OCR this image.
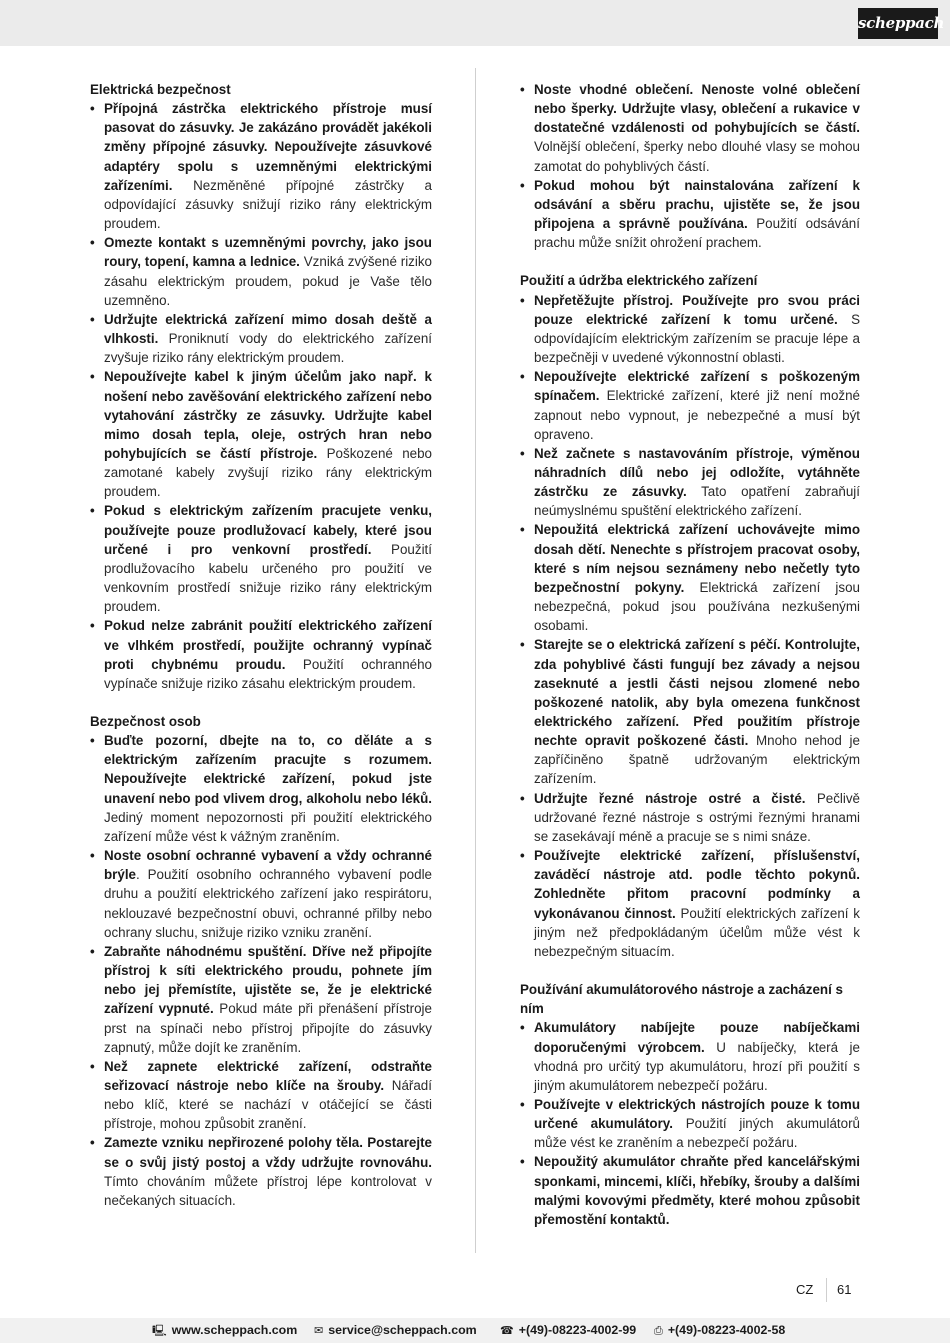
scheppach
Elektrická bezpečnost
• Přípojná zástrčka elektrického přístroje musí pasovat do zásuvky. Je zakázáno provádět jakékoli změny přípojné zásuvky. Nepoužívejte zásuvkové adaptéry spolu s uzemněnými elektrickými zařízeními. Nezměněné přípojné zástrčky a odpovídající zásuvky snižují riziko rány elektrickým proudem.
• Omezte kontakt s uzemněnými povrchy, jako jsou roury, topení, kamna a lednice. Vzniká zvýšené riziko zásahu elektrickým proudem, pokud je Vaše tělo uzemněno.
• Udržujte elektrická zařízení mimo dosah deště a vlhkosti. Proniknutí vody do elektrického zařízení zvyšuje riziko rány elektrickým proudem.
• Nepoužívejte kabel k jiným účelům jako např. k nošení nebo zavěšování elektrického zařízení nebo vytahování zástrčky ze zásuvky. Udržujte kabel mimo dosah tepla, oleje, ostrých hran nebo pohybujících se částí přístroje. Poškozené nebo zamotané kabely zvyšují riziko rány elektrickým proudem.
• Pokud s elektrickým zařízením pracujete venku, používejte pouze prodlužovací kabely, které jsou určené i pro venkovní prostředí. Použití prodlužovacího kabelu určeného pro použití ve venkovním prostředí snižuje riziko rány elektrickým proudem.
• Pokud nelze zabránit použití elektrického zařízení ve vlhkém prostředí, použijte ochranný vypínač proti chybnému proudu. Použití ochranného vypínače snižuje riziko zásahu elektrickým proudem.
Bezpečnost osob
• Buďte pozorní, dbejte na to, co děláte a s elektrickým zařízením pracujte s rozumem. Nepoužívejte elektrické zařízení, pokud jste unavení nebo pod vlivem drog, alkoholu nebo léků. Jediný moment nepozornosti při použití elektrického zařízení může vést k vážným zraněním.
• Noste osobní ochranné vybavení a vždy ochranné brýle. Použití osobního ochranného vybavení podle druhu a použití elektrického zařízení jako respirátoru, neklouzavé bezpečnostní obuvi, ochranné přilby nebo ochrany sluchu, snižuje riziko vzniku zranění.
• Zabraňte náhodnému spuštění. Dříve než připojíte přístroj k síti elektrického proudu, pohnete jím nebo jej přemístíte, ujistěte se, že je elektrické zařízení vypnuté. Pokud máte při přenášení přístroje prst na spínači nebo přístroj připojíte do zásuvky zapnutý, může dojít ke zraněním.
• Než zapnete elektrické zařízení, odstraňte seřizovací nástroje nebo klíče na šrouby. Nářadí nebo klíč, které se nachází v otáčející se části přístroje, mohou způsobit zranění.
• Zamezte vzniku nepřirozené polohy těla. Postarejte se o svůj jistý postoj a vždy udržujte rovnováhu. Tímto chováním můžete přístroj lépe kontrolovat v nečekaných situacích.
• Noste vhodné oblečení. Nenoste volné oblečení nebo šperky. Udržujte vlasy, oblečení a rukavice v dostatečné vzdálenosti od pohybujících se částí. Volnější oblečení, šperky nebo dlouhé vlasy se mohou zamotat do pohyblivých částí.
• Pokud mohou být nainstalována zařízení k odsávání a sběru prachu, ujistěte se, že jsou připojena a správně používána. Použití odsávání prachu může snížit ohrožení prachem.
Použití a údržba elektrického zařízení
• Nepřetěžujte přístroj. Používejte pro svou práci pouze elektrické zařízení k tomu určené. S odpovídajícím elektrickým zařízením se pracuje lépe a bezpečněji v uvedené výkonnostní oblasti.
• Nepoužívejte elektrické zařízení s poškozeným spínačem. Elektrické zařízení, které již není možné zapnout nebo vypnout, je nebezpečné a musí být opraveno.
• Než začnete s nastavováním přístroje, výměnou náhradních dílů nebo jej odložíte, vytáhněte zástrčku ze zásuvky. Tato opatření zabraňují neúmyslnému spuštění elektrického zařízení.
• Nepoužitá elektrická zařízení uchovávejte mimo dosah dětí. Nenechte s přístrojem pracovat osoby, které s ním nejsou seznámeny nebo nečetly tyto bezpečnostní pokyny. Elektrická zařízení jsou nebezpečná, pokud jsou používána nezkušenými osobami.
• Starejte se o elektrická zařízení s péčí. Kontrolujte, zda pohyblivé části fungují bez závady a nejsou zaseknuté a jestli části nejsou zlomené nebo poškozené natolik, aby byla omezena funkčnost elektrického zařízení. Před použitím přístroje nechte opravit poškozené části. Mnoho nehod je zapříčiněno špatně udržovaným elektrickým zařízením.
• Udržujte řezné nástroje ostré a čisté. Pečlivě udržované řezné nástroje s ostrými řeznými hranami se zasekávají méně a pracuje se s nimi snáze.
• Používejte elektrické zařízení, příslušenství, zaváděcí nástroje atd. podle těchto pokynů. Zohledněte přitom pracovní podmínky a vykonávanou činnost. Použití elektrických zařízení k jiným než předpokládaným účelům může vést k nebezpečným situacím.
Používání akumulátorového nástroje a zacházení s ním
• Akumulátory nabíjejte pouze nabíječkami doporučenými výrobcem. U nabíječky, která je vhodná pro určitý typ akumulátoru, hrozí při použití s jiným akumulátorem nebezpečí požáru.
• Používejte v elektrických nástrojích pouze k tomu určené akumulátory. Použití jiných akumulátorů může vést ke zraněním a nebezpečí požáru.
• Nepoužitý akumulátor chraňte před kancelářskými sponkami, mincemi, klíči, hřebíky, šrouby a dalšími malými kovovými předměty, které mohou způsobit přemostění kontaktů.
CZ 61
🖳 www.scheppach.com ✉ service@scheppach.com ☎ +(49)-08223-4002-99 ⎙ +(49)-08223-4002-58
